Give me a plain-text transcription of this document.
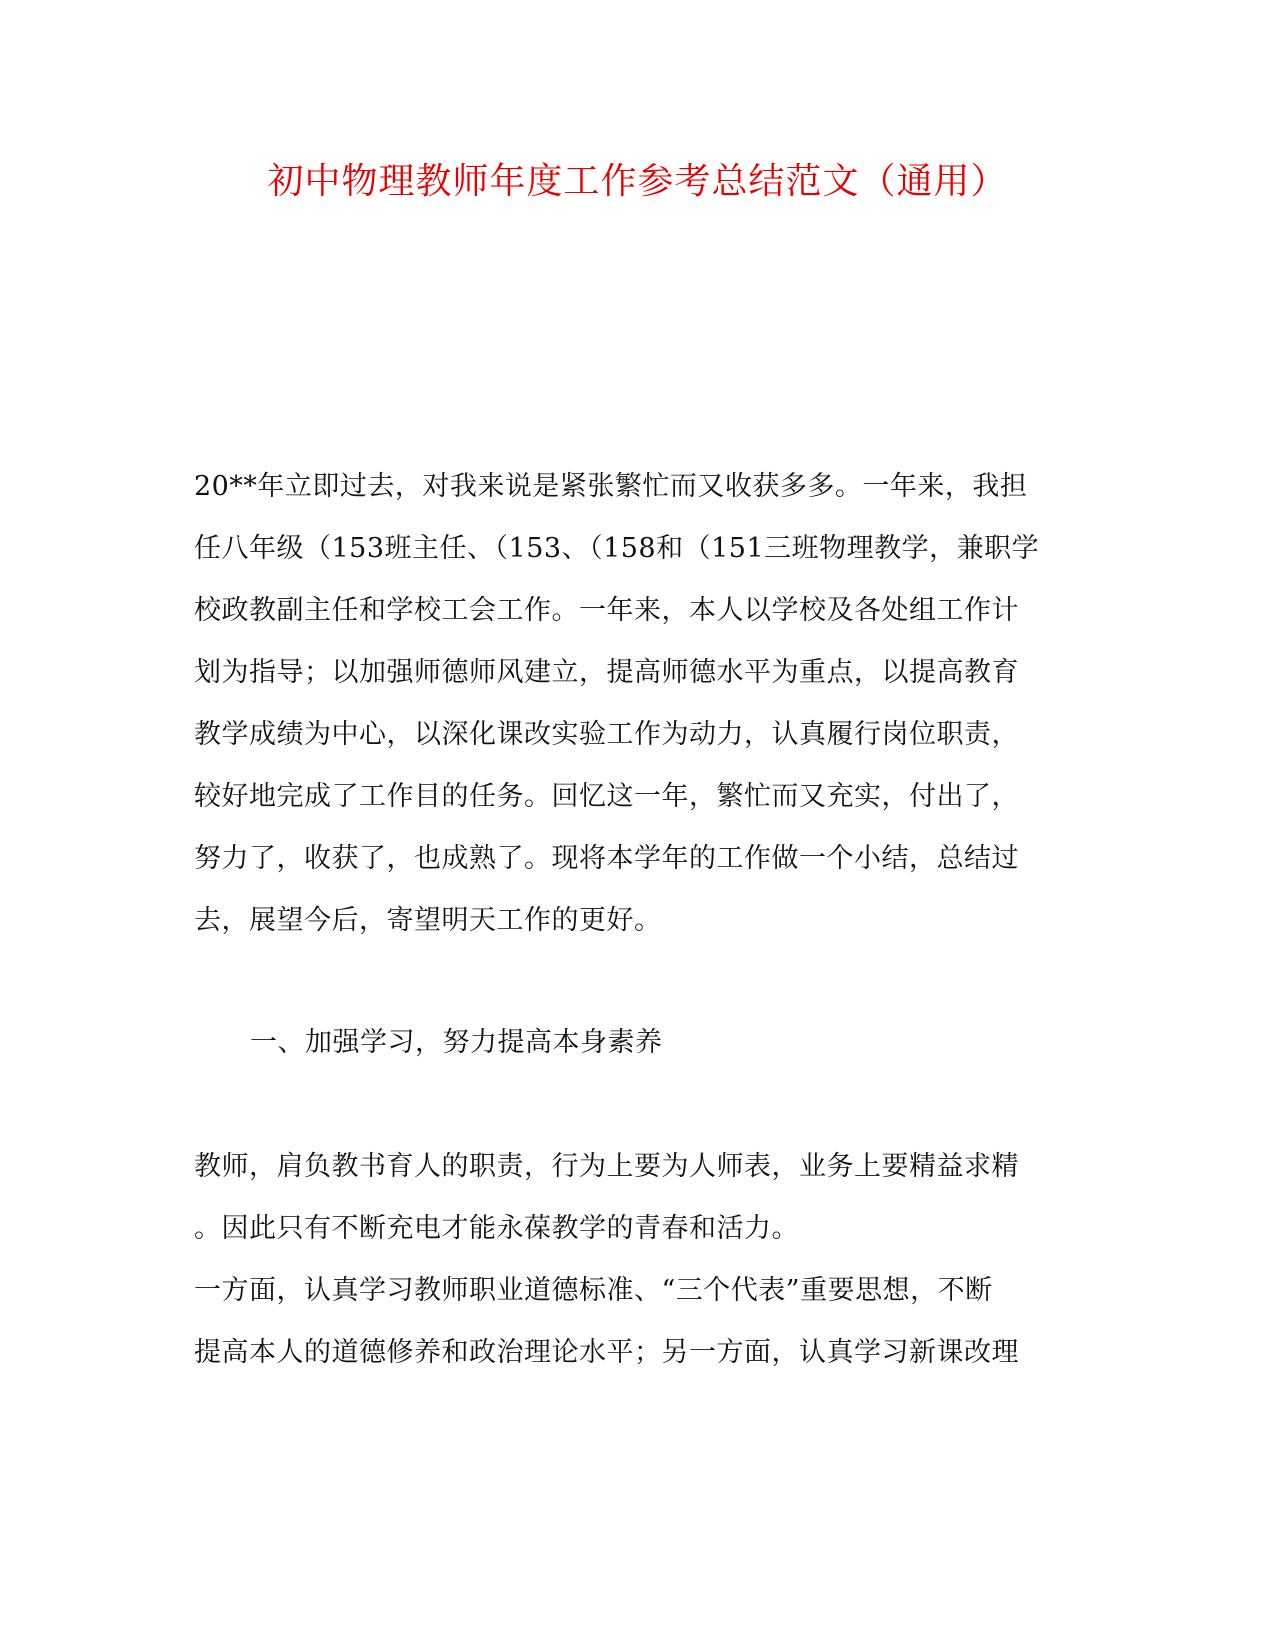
初中物理教师年度工作参考总结范文（通用）
20**年立即过去，对我来说是紧张繁忙而又收获多多。一年来，我担
任八年级（153班主任、（153、（158和（151三班物理教学，兼职学
校政教副主任和学校工会工作。一年来，本人以学校及各处组工作计
划为指导；以加强师德师风建立，提高师德水平为重点，以提高教育
教学成绩为中心，以深化课改实验工作为动力，认真履行岗位职责，
较好地完成了工作目的任务。回忆这一年，繁忙而又充实，付出了，
努力了，收获了，也成熟了。现将本学年的工作做一个小结，总结过
去，展望今后，寄望明天工作的更好。
一、加强学习，努力提高本身素养
教师，肩负教书育人的职责，行为上要为人师表，业务上要精益求精
。因此只有不断充电才能永葆教学的青春和活力。
一方面，认真学习教师职业道德标准、“三个代表”重要思想，不断
提高本人的道德修养和政治理论水平；另一方面，认真学习新课改理
